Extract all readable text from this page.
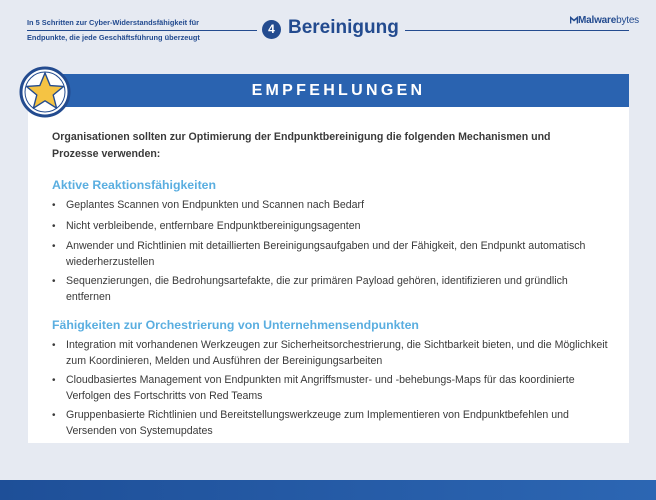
In 5 Schritten zur Cyber-Widerstandsfähigkeit für
Endpunkte, die jede Geschäftsführung überzeugt
4 Bereinigung	Malwarebytes
EMPFEHLUNGEN
Organisationen sollten zur Optimierung der Endpunktbereinigung die folgenden Mechanismen und Prozesse verwenden:
Aktive Reaktionsfähigkeiten
• Geplantes Scannen von Endpunkten und Scannen nach Bedarf
• Nicht verbleibende, entfernbare Endpunktbereinigungsagenten
• Anwender und Richtlinien mit detaillierten Bereinigungsaufgaben und der Fähigkeit, den Endpunkt automatisch wiederherzustellen
• Sequenzierungen, die Bedrohungsartefakte, die zur primären Payload gehören, identifizieren und gründlich entfernen
Fähigkeiten zur Orchestrierung von Unternehmensendpunkten
• Integration mit vorhandenen Werkzeugen zur Sicherheitsorchestrierung, die Sichtbarkeit bieten, und die Möglichkeit zum Koordinieren, Melden und Ausführen der Bereinigungsarbeiten
• Cloudbasiertes Management von Endpunkten mit Angriffsmuster- und -behebungs-Maps für das koordinierte Verfolgen des Fortschritts von Red Teams
• Gruppenbasierte Richtlinien und Bereitstellungswerkzeuge zum Implementieren von Endpunktbefehlen und Versenden von Systemupdates
